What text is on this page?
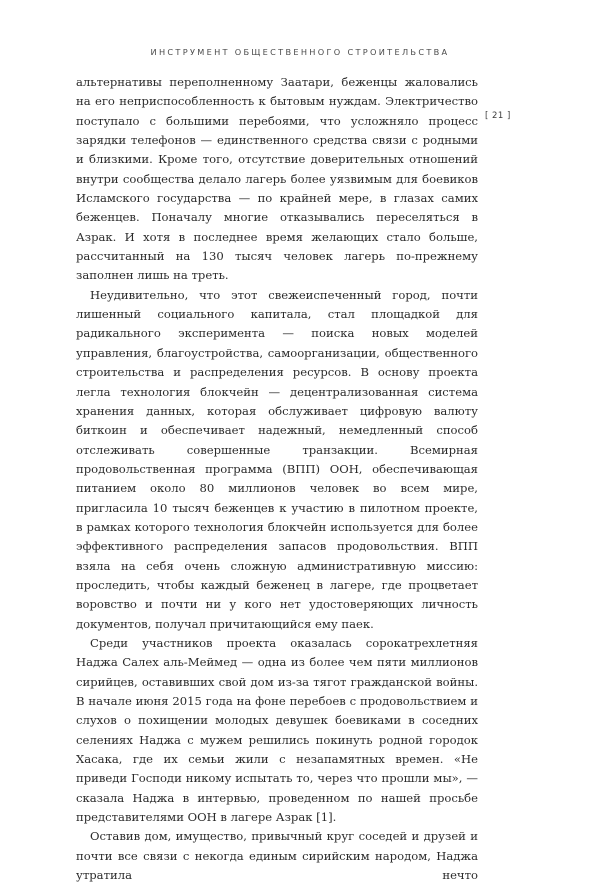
ИНСТРУМЕНТ ОБЩЕСТВЕННОГО СТРОИТЕЛЬСТВА
[ 21 ]

альтернативы переполненному Заатари, беженцы жаловались на его неприспособленность к бытовым нуждам. Электричество поступало с большими перебоями, что усложняло процесс зарядки телефонов — единственного средства связи с родными и близкими. Кроме того, отсутствие доверительных отношений внутри сообщества делало лагерь более уязвимым для боевиков Исламского государства — по крайней мере, в глазах самих беженцев. Поначалу многие отказывались переселяться в Азрак. И хотя в последнее время желающих стало больше, рассчитанный на 130 тысяч человек лагерь по-прежнему заполнен лишь на треть.

Неудивительно, что этот свежеиспеченный город, почти лишенный социального капитала, стал площадкой для радикального эксперимента — поиска новых моделей управления, благоустройства, самоорганизации, общественного строительства и распределения ресурсов. В основу проекта легла технология блокчейн — децентрализованная система хранения данных, которая обслуживает цифровую валюту биткоин и обеспечивает надежный, немедленный способ отслеживать совершенные транзакции. Всемирная продовольственная программа (ВПП) ООН, обеспечивающая питанием около 80 миллионов человек во всем мире, пригласила 10 тысяч беженцев к участию в пилотном проекте, в рамках которого технология блокчейн используется для более эффективного распределения запасов продовольствия. ВПП взяла на себя очень сложную административную миссию: проследить, чтобы каждый беженец в лагере, где процветает воровство и почти ни у кого нет удостоверяющих личность документов, получал причитающийся ему паек.

Среди участников проекта оказалась сорокатрехлетняя Наджа Салех аль-Меймед — одна из более чем пяти миллионов сирийцев, оставивших свой дом из-за тягот гражданской войны. В начале июня 2015 года на фоне перебоев с продовольствием и слухов о похищении молодых девушек боевиками в соседних селениях Наджа с мужем решились покинуть родной городок Хасака, где их семьи жили с незапамятных времен. «Не приведи Господи никому испытать то, через что прошли мы», — сказала Наджа в интервью, проведенном по нашей просьбе представителями ООН в лагере Азрак [1].

Оставив дом, имущество, привычный круг соседей и друзей и почти все связи с некогда единым сирийским народом, Наджа утратила нечто
